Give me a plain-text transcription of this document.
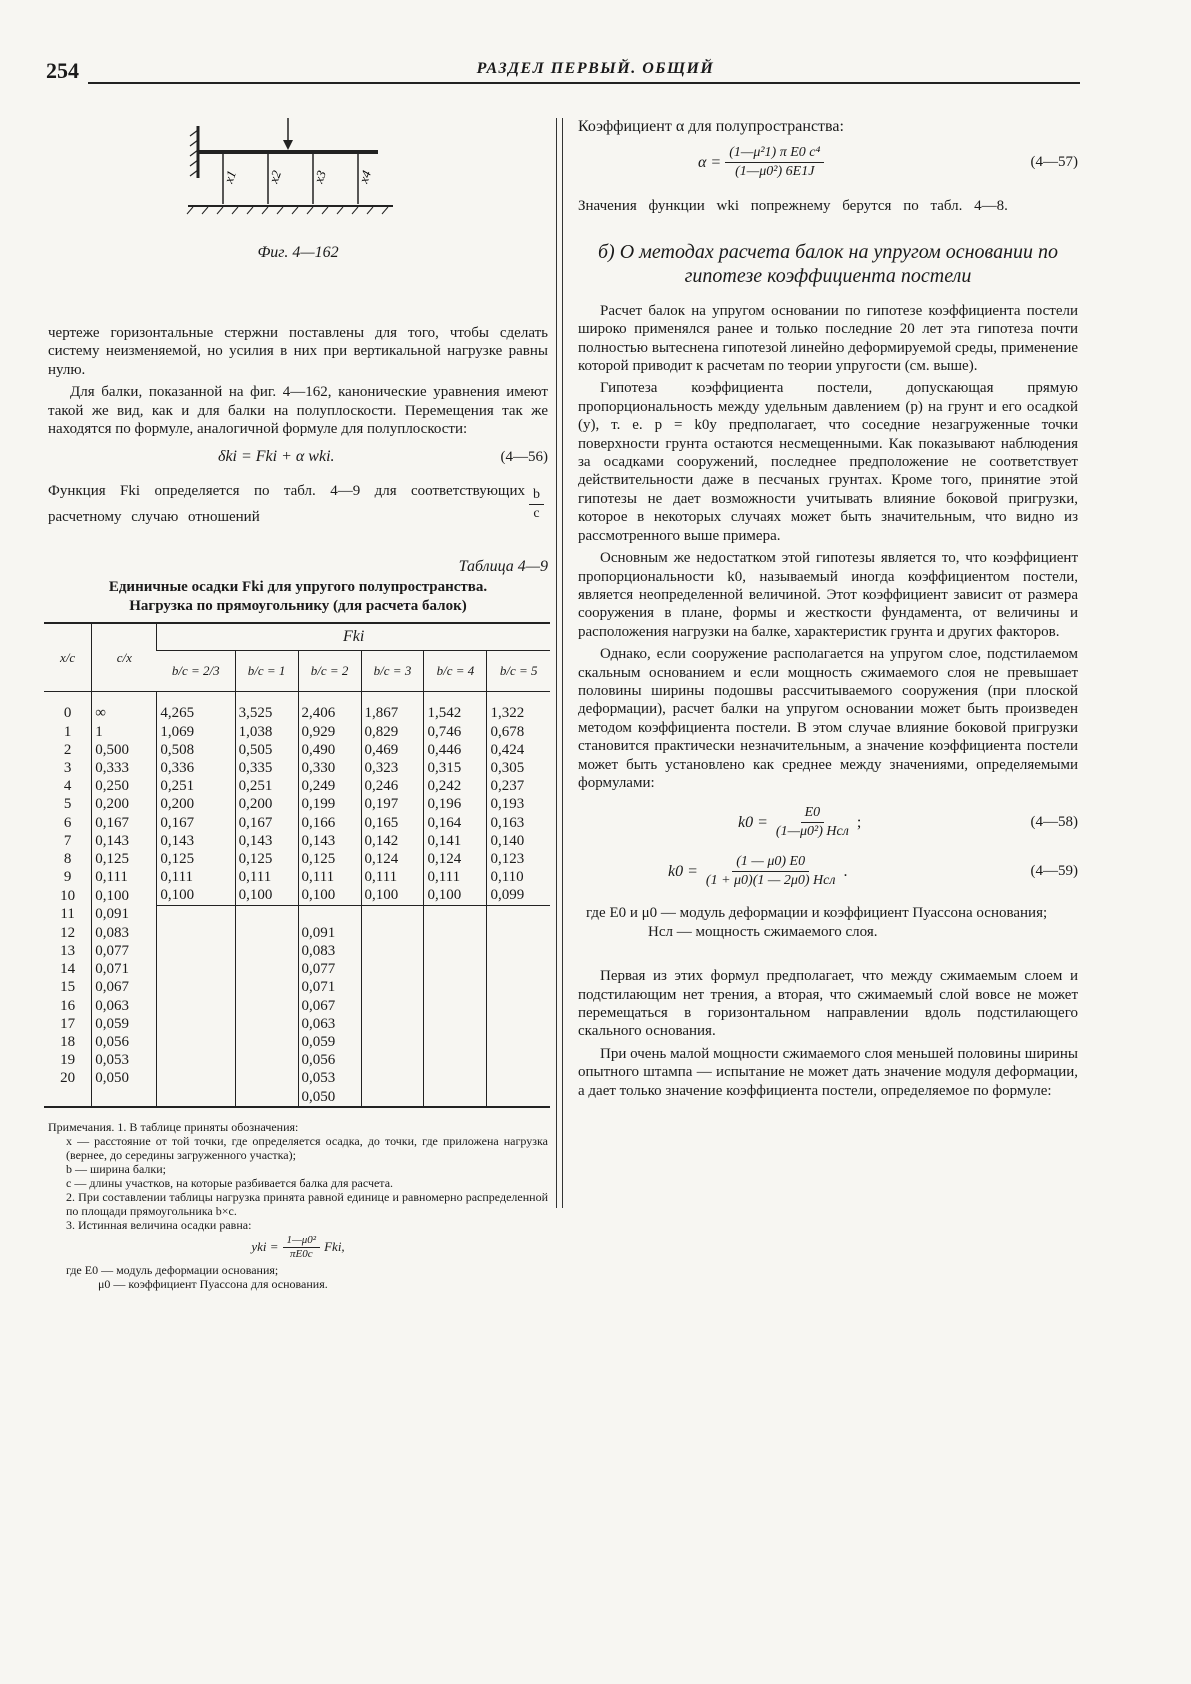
254	РАЗДЕЛ ПЕРВЫЙ. ОБЩИЙ
x1 x2 x3 x4
Фиг. 4—162

чертеже горизонтальные стержни поставлены для того, чтобы сделать систему неизменяемой, но усилия в них при вертикальной нагрузке равны нулю.

Для балки, показанной на фиг. 4—162, канонические уравнения имеют такой же вид, как и для балки на полуплоскости. Перемещения так же находятся по формуле, аналогичной формуле для полуплоскости:

δki = Fki + α wki.	(4—56)
Функция Fki определяется по табл. 4—9 для соответствующих расчетному случаю отношений	$\frac{b}{c}$
Таблица 4—9
Единичные осадки Fki для упругого полупространства.
Нагрузка по прямоугольнику (для расчета балок)
x/c	c/x	Fki					
		b/c = 2/3	b/c = 1	b/c = 2	b/c = 3	b/c = 4	b/c = 5

0	∞	4,265	3,525	2,406	1,867	1,542	1,322
1	1	1,069	1,038	0,929	0,829	0,746	0,678
2	0,500	0,508	0,505	0,490	0,469	0,446	0,424
3	0,333	0,336	0,335	0,330	0,323	0,315	0,305
4	0,250	0,251	0,251	0,249	0,246	0,242	0,237
5	0,200	0,200	0,200	0,199	0,197	0,196	0,193
6	0,167	0,167	0,167	0,166	0,165	0,164	0,163
7	0,143	0,143	0,143	0,143	0,142	0,141	0,140
8	0,125	0,125	0,125	0,125	0,124	0,124	0,123
9	0,111	0,111	0,111	0,111	0,111	0,111	0,110
10	0,100	0,100	0,100	0,100	0,100	0,100	0,099
11	0,091						
12	0,083			0,091			
13	0,077			0,083			
14	0,071			0,077			
15	0,067			0,071			
16	0,063			0,067			
17	0,059			0,063			
18	0,056			0,059			
19	0,053			0,056			
20	0,050			0,053			
				0,050			

Примечания. 1. В таблице приняты обозначения:

x — расстояние от той точки, где определяется осадка, до точки, где приложена нагрузка (вернее, до середины загруженного участка);

b — ширина балки;

c — длины участков, на которые разбивается балка для расчета.

2. При составлении таблицы нагрузка принята равной единице и равномерно распределенной по площади прямоугольника b×c.

3. Истинная величина осадки равна:

yki = $\frac{\text{1—μ0²}}{\pi E0c}$ Fki,

где E0 — модуль деформации основания;

μ0 — коэффициент Пуассона для основания.

Коэффициент α для полупространства:

$\alpha = \frac{\text{(1—μ²1) π E0 c⁴}}{\text{(1—μ0²) 6E1J}}$	(4—57)

Значения функции wki попрежнему берутся по табл. 4—8.

б) О методах расчета балок на упругом основании по гипотезе коэффициента постели

Расчет балок на упругом основании по гипотезе коэффициента постели широко применялся ранее и только последние 20 лет эта гипотеза почти полностью вытеснена гипотезой линейно деформируемой среды, применение которой приводит к расчетам по теории упругости (см. выше).

Гипотеза коэффициента постели, допускающая прямую пропорциональность между удельным давлением (p) на грунт и его осадкой (y), т. е. p = k0y предполагает, что соседние незагруженные точки поверхности грунта остаются несмещенными. Как показывают наблюдения за осадками сооружений, последнее предположение не соответствует действительности даже в песчаных грунтах. Кроме того, принятие этой гипотезы не дает возможности учитывать влияние боковой пригрузки, которое в некоторых случаях может быть значительным, что видно из рассмотренного выше примера.

Основным же недостатком этой гипотезы является то, что коэффициент пропорциональности k0, называемый иногда коэффициентом постели, является неопределенной величиной. Этот коэффициент зависит от размера сооружения в плане, формы и жесткости фундамента, от величины и расположения нагрузки на балке, характеристик грунта и других факторов.

Однако, если сооружение располагается на упругом слое, подстилаемом скальным основанием и если мощность сжимаемого слоя не превышает половины ширины подошвы рассчитываемого сооружения (при плоской деформации), расчет балки на упругом основании может быть произведен методом коэффициента постели. В этом случае влияние боковой пригрузки становится практически незначительным, а значение коэффициента постели может быть установлено как среднее между значениями, определяемыми формулами:

$k0 = \frac{E0}{\text{(1—μ0²) Hсл}}$ ;	(4—58)
$k0 = \frac{(1 — \mu 0) E0}{\text{(1 + μ0)(1 — 2μ0) Hсл}}$ .	(4—59)

где E0 и μ0 — модуль деформации и коэффициент Пуассона основания;

Hсл — мощность сжимаемого слоя.

Первая из этих формул предполагает, что между сжимаемым слоем и подстилающим нет трения, а вторая, что сжимаемый слой вовсе не может перемещаться в горизонтальном направлении вдоль подстилающего скального основания.

При очень малой мощности сжимаемого слоя меньшей половины ширины опытного штампа — испытание не может дать значение модуля деформации, а дает только значение коэффициента постели, определяемое по формуле:
